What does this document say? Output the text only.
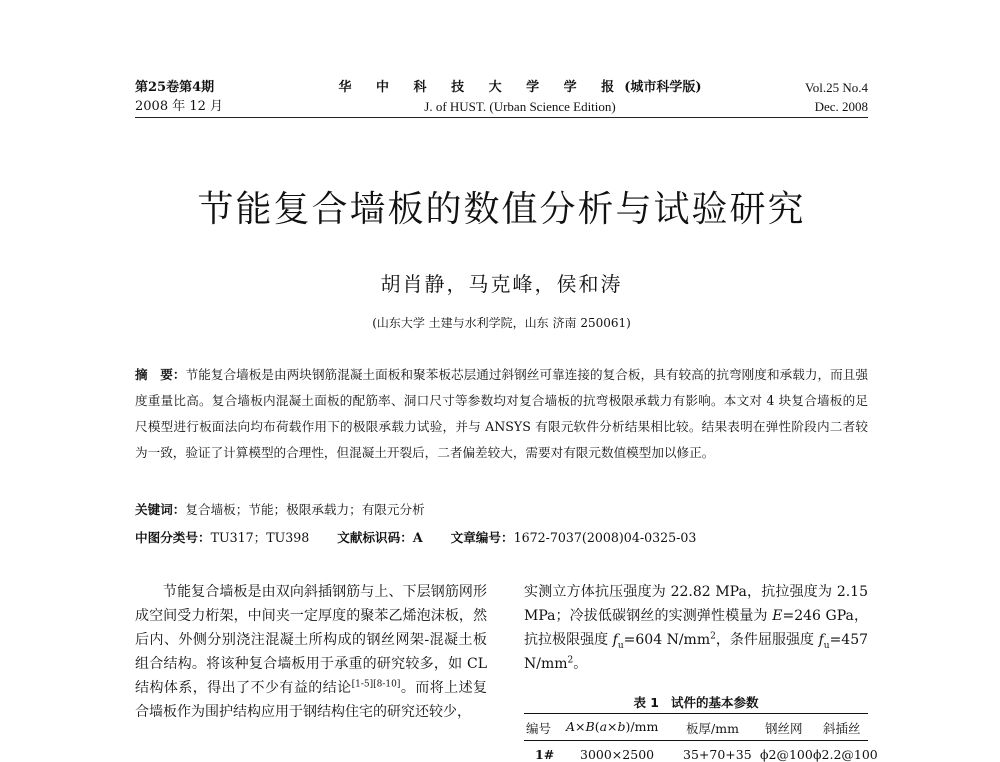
第25卷第4期
2008 年 12 月
华 中 科 技 大 学 学 报(城市科学版)
J. of HUST. (Urban Science Edition)
Vol.25 No.4
Dec. 2008
节能复合墙板的数值分析与试验研究
胡肖静，马克峰，侯和涛
(山东大学 土建与水利学院，山东 济南 250061)
摘　要：节能复合墙板是由两块钢筋混凝土面板和聚苯板芯层通过斜钢丝可靠连接的复合板，具有较高的抗弯刚度和承载力，而且强度重量比高。复合墙板内混凝土面板的配筋率、洞口尺寸等参数均对复合墙板的抗弯极限承载力有影响。本文对 4 块复合墙板的足尺模型进行板面法向均布荷载作用下的极限承载力试验，并与 ANSYS 有限元软件分析结果相比较。结果表明在弹性阶段内二者较为一致，验证了计算模型的合理性，但混凝土开裂后，二者偏差较大，需要对有限元数值模型加以修正。
关键词：复合墙板；节能；极限承载力；有限元分析
中图分类号：TU317；TU398 文献标识码：A 文章编号：1672-7037(2008)04-0325-03

节能复合墙板是由双向斜插钢筋与上、下层钢筋网形成空间受力桁架，中间夹一定厚度的聚苯乙烯泡沫板，然后内、外侧分别浇注混凝土所构成的钢丝网架-混凝土板组合结构。将该种复合墙板用于承重的研究较多，如 CL 结构体系，得出了不少有益的结论[1-5][8-10]。而将上述复合墙板作为围护结构应用于钢结构住宅的研究还较少，

实测立方体抗压强度为 22.82 MPa，抗拉强度为 2.15 MPa；冷拔低碳钢丝的实测弹性模量为 E=246 GPa，抗拉极限强度 $f_u=604$ $N/mm^2$，条件屈服强度 $f_u=457$ $N/mm^2$。

表 1 试件的基本参数
编号 A×B(a×b)/mm 板厚/mm 钢丝网 斜插丝
1# 3000×2500 35+70+35 ϕ2@100 ϕ2.2@100
